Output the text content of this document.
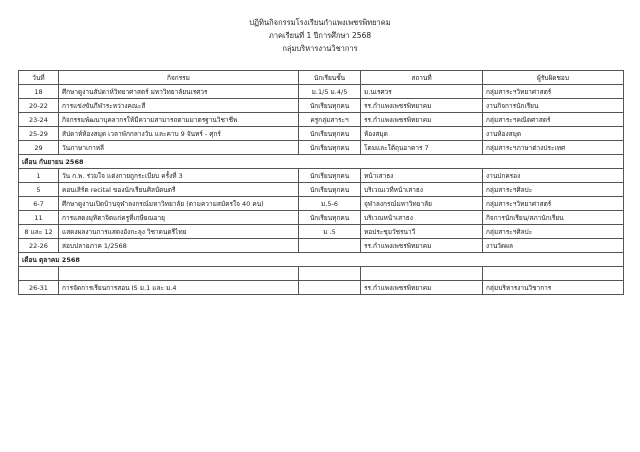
ปฏิทินกิจกรรมโรงเรียนกำแพงเพชรพิทยาคม
ภาคเรียนที่ 1 ปีการศึกษา 2568
กลุ่มบริหารงานวิชาการ
วันที่	กิจกรรม	นักเรียนชั้น	สถานที่	ผู้รับผิดชอบ
18	ศึกษาดูงานสัปดาห์วิทยาศาสตร์ มหาวิทยาลัยนเรศวร	ม.1/5 ม.4/5	ม.นเรศวร	กลุ่มสาระฯวิทยาศาสตร์
20-22	การแข่งขันกีฬาระหว่างคณะสี	นักเรียนทุกคน	รร.กำแพงเพชรพิทยาคม	งานกิจการนักเรียน
23-24	กิจกรรมพัฒนาบุคลากรให้มีความสามารถตามมาตรฐานวิชาชีพ	ครูกลุ่มสาระฯ	รร.กำแพงเพชรพิทยาคม	กลุ่มสาระฯคณิตศาสตร์
25-29	สัปดาห์ห้องสมุด เวลาพักกลางวัน และคาบ 9 จันทร์ - ศุกร์	นักเรียนทุกคน	ห้องสมุด	งานห้องสมุด
29	วันภาษาเกาหลี	นักเรียนทุกคน	โดมและใต้ถุนอาคาร 7	กลุ่มสาระฯภาษาต่างประเทศ
เดือน กันยายน 2568				
1	วัน ก.พ. ร่วมใจ แต่งกายถูกระเบียบ ครั้งที่ 3	นักเรียนทุกคน	หน้าเสาธง	งานปกครอง
5	คอนเสิร์ต recital ของนักเรียนศิลป์ดนตรี	นักเรียนทุกคน	บริเวณเวทีหน้าเสาธง	กลุ่มสาระฯศิลปะ
6-7	ศึกษาดูงานเปิดบ้านจุฬาลงกรณ์มหาวิทยาลัย (ตามความสมัครใจ 40 คน)	ม.5-6	จุฬาลงกรณ์มหาวิทยาลัย	กลุ่มสาระฯวิทยาศาสตร์
11	การแสดงมุทิตาจิตแก่ครูที่เกษียณอายุ	นักเรียนทุกคน	บริเวณหน้าเสาธง	กิจการนักเรียน/สภานักเรียน
8 และ 12	แสดงผลงานการแสดงอังกะลุง วิชาดนตรีไทย	ม .5	หอประชุมวัชรนาวี	กลุ่มสาระฯศิลปะ
22-26	สอบปลายภาค 1/2568		รร.กำแพงเพชรพิทยาคม	งานวัดผล
เดือน ตุลาคม 2568				

26-31	การจัดการเรียนการสอน IS ม.1 และ ม.4		รร.กำแพงเพชรพิทยาคม	กลุ่มบริหารงานวิชาการ
